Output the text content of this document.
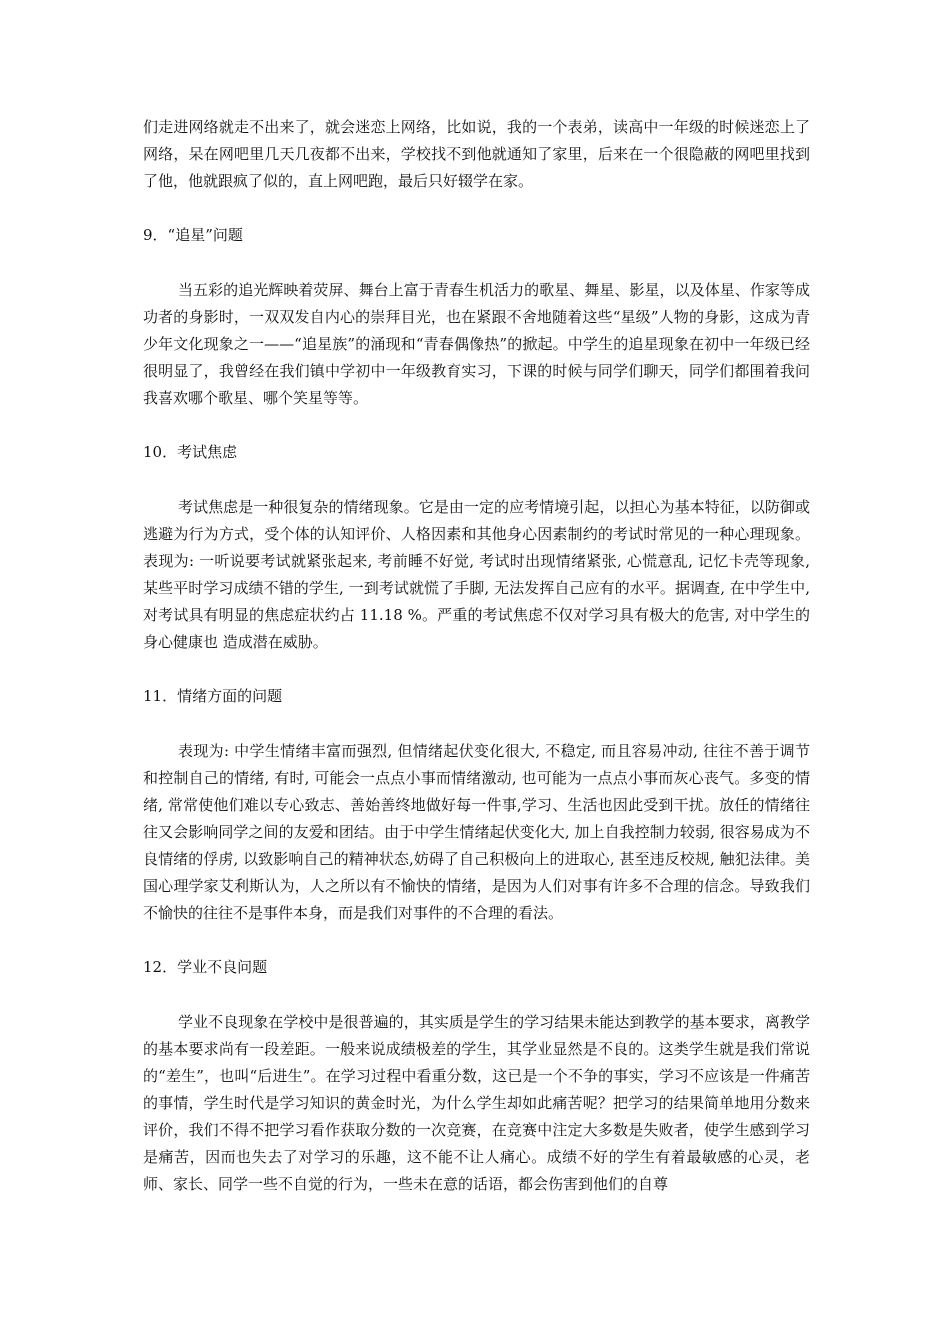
们走进网络就走不出来了，就会迷恋上网络，比如说，我的一个表弟，读高中一年级的时候迷恋上了网络，呆在网吧里几天几夜都不出来，学校找不到他就通知了家里，后来在一个很隐蔽的网吧里找到了他，他就跟疯了似的，直上网吧跑，最后只好辍学在家。

9．“追星”问题

当五彩的追光辉映着荧屏、舞台上富于青春生机活力的歌星、舞星、影星，以及体星、作家等成功者的身影时，一双双发自内心的崇拜目光，也在紧跟不舍地随着这些“星级”人物的身影，这成为青少年文化现象之一——“追星族”的涌现和“青春偶像热”的掀起。中学生的追星现象在初中一年级已经很明显了，我曾经在我们镇中学初中一年级教育实习，下课的时候与同学们聊天，同学们都围着我问我喜欢哪个歌星、哪个笑星等等。

10．考试焦虑

考试焦虑是一种很复杂的情绪现象。它是由一定的应考情境引起，以担心为基本特征，以防御或逃避为行为方式，受个体的认知评价、人格因素和其他身心因素制约的考试时常见的一种心理现象。表现为: 一听说要考试就紧张起来, 考前睡不好觉, 考试时出现情绪紧张, 心慌意乱, 记忆卡壳等现象, 某些平时学习成绩不错的学生, 一到考试就慌了手脚, 无法发挥自己应有的水平。据调查, 在中学生中,对考试具有明显的焦虑症状约占 11.18 %。严重的考试焦虑不仅对学习具有极大的危害, 对中学生的身心健康也 造成潜在威胁。

11．情绪方面的问题

表现为: 中学生情绪丰富而强烈, 但情绪起伏变化很大, 不稳定, 而且容易冲动, 往往不善于调节和控制自己的情绪, 有时, 可能会一点点小事而情绪激动, 也可能为一点点小事而灰心丧气。多变的情绪, 常常使他们难以专心致志、善始善终地做好每一件事,学习、生活也因此受到干扰。放任的情绪往往又会影响同学之间的友爱和团结。由于中学生情绪起伏变化大, 加上自我控制力较弱, 很容易成为不良情绪的俘虏, 以致影响自己的精神状态,妨碍了自己积极向上的进取心, 甚至违反校规, 触犯法律。美国心理学家艾利斯认为，人之所以有不愉快的情绪，是因为人们对事有许多不合理的信念。导致我们不愉快的往往不是事件本身，而是我们对事件的不合理的看法。

12．学业不良问题

学业不良现象在学校中是很普遍的，其实质是学生的学习结果未能达到教学的基本要求，离教学的基本要求尚有一段差距。一般来说成绩极差的学生，其学业显然是不良的。这类学生就是我们常说的“差生”，也叫“后进生”。在学习过程中看重分数，这已是一个不争的事实，学习不应该是一件痛苦的事情，学生时代是学习知识的黄金时光，为什么学生却如此痛苦呢？把学习的结果简单地用分数来评价，我们不得不把学习看作获取分数的一次竞赛，在竞赛中注定大多数是失败者，使学生感到学习是痛苦，因而也失去了对学习的乐趣，这不能不让人痛心。成绩不好的学生有着最敏感的心灵，老师、家长、同学一些不自觉的行为，一些未在意的话语，都会伤害到他们的自尊
